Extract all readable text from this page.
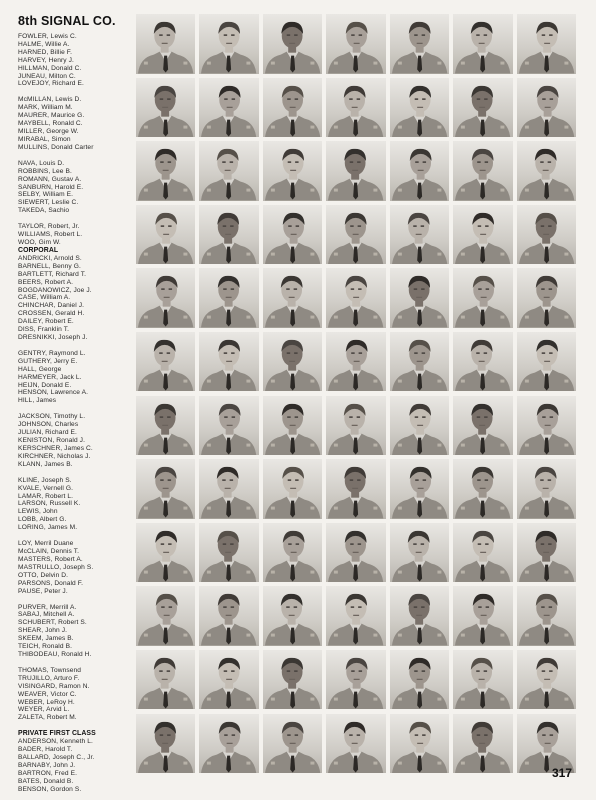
8th SIGNAL CO.
FOWLER, Lewis C.
HALME, Willie A.
HARNED, Billie F.
HARVEY, Henry J.
HILLMAN, Donald C.
JUNEAU, Milton C.
LOVEJOY, Richard E.
McMILLAN, Lewis D.
MARK, William M.
MAURER, Maurice G.
MAYBELL, Ronald C.
MILLER, George W.
MIRABAL, Simon
MULLINS, Donald Carter
NAVA, Louis D.
ROBBINS, Lee B.
ROMANN, Gustav A.
SANBURN, Harold E.
SELBY, William E.
SIEWERT, Leslie C.
TAKEDA, Sachio
TAYLOR, Robert, Jr.
WILLIAMS, Robert L.
WOO, Gim W.
CORPORAL
ANDRICKI, Arnold S.
BARNELL, Benny G.
BARTLETT, Richard T.
BEERS, Robert A.
BOGDANOWICZ, Joe J.
CASE, William A.
CHINCHAR, Daniel J.
CROSSEN, Gerald H.
DAILEY, Robert E.
DISS, Franklin T.
DRESNIKKI, Joseph J.
GENTRY, Raymond L.
GUTHERY, Jerry E.
HALL, George
HARMEYER, Jack L.
HEIJN, Donald E.
HENSON, Lawrence A.
HILL, James
JACKSON, Timothy L.
JOHNSON, Charles
JULIAN, Richard E.
KENISTON, Ronald J.
KERSCHNER, James C.
KIRCHNER, Nicholas J.
KLANN, James B.
KLINE, Joseph S.
KVALE, Vernell G.
LAMAR, Robert L.
LARSON, Russell K.
LEWIS, John
LOBB, Albert G.
LORING, James M.
LOY, Merril Duane
McCLAIN, Dennis T.
MASTERS, Robert A.
MASTRULLO, Joseph S.
OTTO, Delvin D.
PARSONS, Donald F.
PAUSE, Peter J.
PURVER, Merrill A.
SABAJ, Mitchell A.
SCHUBERT, Robert S.
SHEAR, John J.
SKEEM, James B.
TEICH, Ronald B.
THIBODEAU, Ronald H.
THOMAS, Townsend
TRUJILLO, Arturo F.
VISINGARD, Ramon N.
WEAVER, Victor C.
WEBER, LeRoy H.
WEYER, Arvid L.
ZALETA, Robert M.
PRIVATE FIRST CLASS
ANDERSON, Kenneth L.
BADER, Harold T.
BALLARD, Joseph C., Jr.
BARNABY, John J.
BARTRON, Fred E.
BATES, Donald B.
BENSON, Gordon S.
317
